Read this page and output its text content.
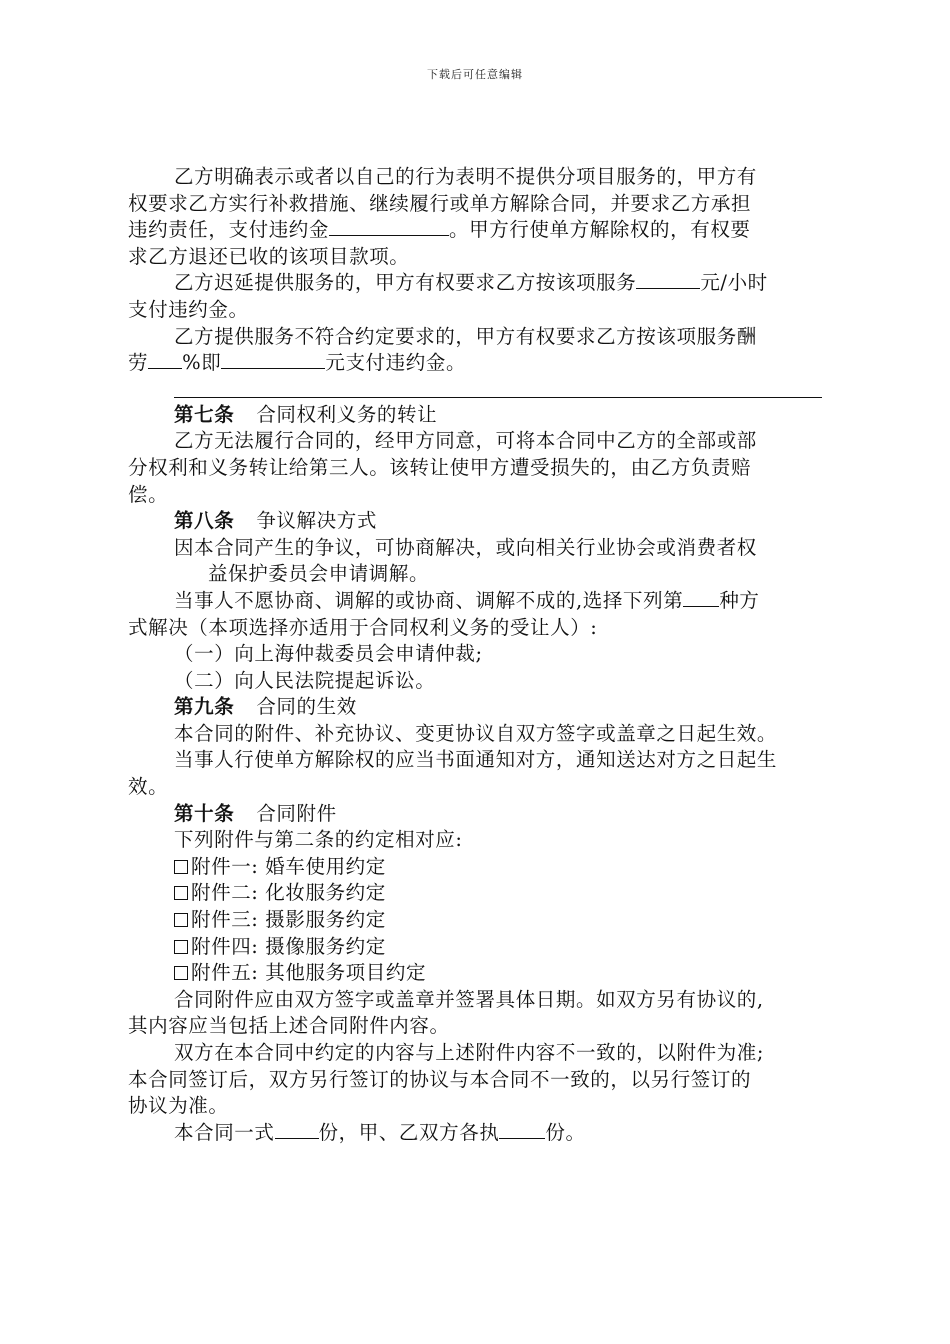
下载后可任意编辑
乙方明确表示或者以自己的行为表明不提供分项目服务的，甲方有
权要求乙方实行补救措施、继续履行或单方解除合同，并要求乙方承担
违约责任，支付违约金	。甲方行使单方解除权的，有权要
求乙方退还已收的该项目款项。
乙方迟延提供服务的，甲方有权要求乙方按该项服务	元/小时
支付违约金。
乙方提供服务不符合约定要求的，甲方有权要求乙方按该项服务酬
劳 %即	元支付违约金。
第七条 合同权利义务的转让
乙方无法履行合同的，经甲方同意，可将本合同中乙方的全部或部
分权利和义务转让给第三人。该转让使甲方遭受损失的，由乙方负责赔
偿。
第八条 争议解决方式
因本合同产生的争议，可协商解决，或向相关行业协会或消费者权
益保护委员会申请调解。
当事人不愿协商、调解的或协商、调解不成的,选择下列第 种方
式解决（本项选择亦适用于合同权利义务的受让人）:
（一）向上海仲裁委员会申请仲裁;
（二）向人民法院提起诉讼。
第九条 合同的生效
本合同的附件、补充协议、变更协议自双方签字或盖章之日起生效。
当事人行使单方解除权的应当书面通知对方，通知送达对方之日起生
效。
第十条 合同附件
下列附件与第二条的约定相对应:
附件一: 婚车使用约定
附件二: 化妆服务约定
附件三: 摄影服务约定
附件四: 摄像服务约定
附件五: 其他服务项目约定
合同附件应由双方签字或盖章并签署具体日期。如双方另有协议的,
其内容应当包括上述合同附件内容。
双方在本合同中约定的内容与上述附件内容不一致的，以附件为准;
本合同签订后，双方另行签订的协议与本合同不一致的，以另行签订的
协议为准。
本合同一式 份，甲、乙双方各执 份。
